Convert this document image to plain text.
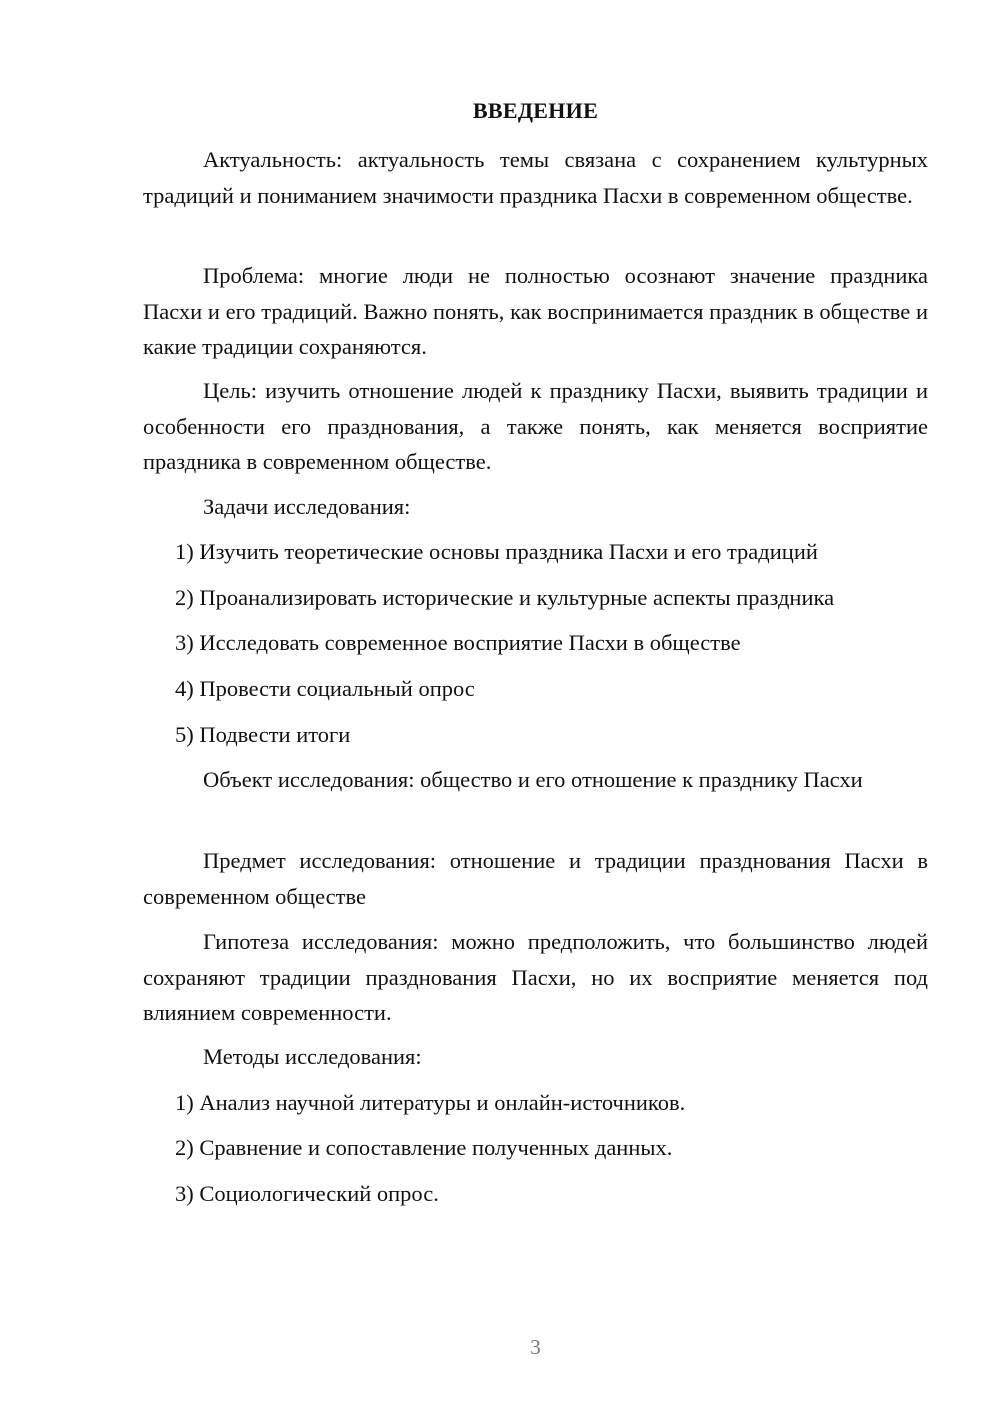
ВВЕДЕНИЕ

Актуальность: актуальность темы связана с сохранением культурных традиций и пониманием значимости праздника Пасхи в современном обществе.

Проблема: многие люди не полностью осознают значение праздника Пасхи и его традиций. Важно понять, как воспринимается праздник в обществе и какие традиции сохраняются.

Цель: изучить отношение людей к празднику Пасхи, выявить традиции и особенности его празднования, а также понять, как меняется восприятие праздника в современном обществе.

Задачи исследования:
1) Изучить теоретические основы праздника Пасхи и его традиций
2) Проанализировать исторические и культурные аспекты праздника
3) Исследовать современное восприятие Пасхи в обществе
4) Провести социальный опрос
5) Подвести итоги

Объект исследования: общество и его отношение к празднику Пасхи

Предмет исследования: отношение и традиции празднования Пасхи в современном обществе

Гипотеза исследования: можно предположить, что большинство людей сохраняют традиции празднования Пасхи, но их восприятие меняется под влиянием современности.

Методы исследования:
1) Анализ научной литературы и онлайн-источников.
2) Сравнение и сопоставление полученных данных.
3) Социологический опрос.
3
